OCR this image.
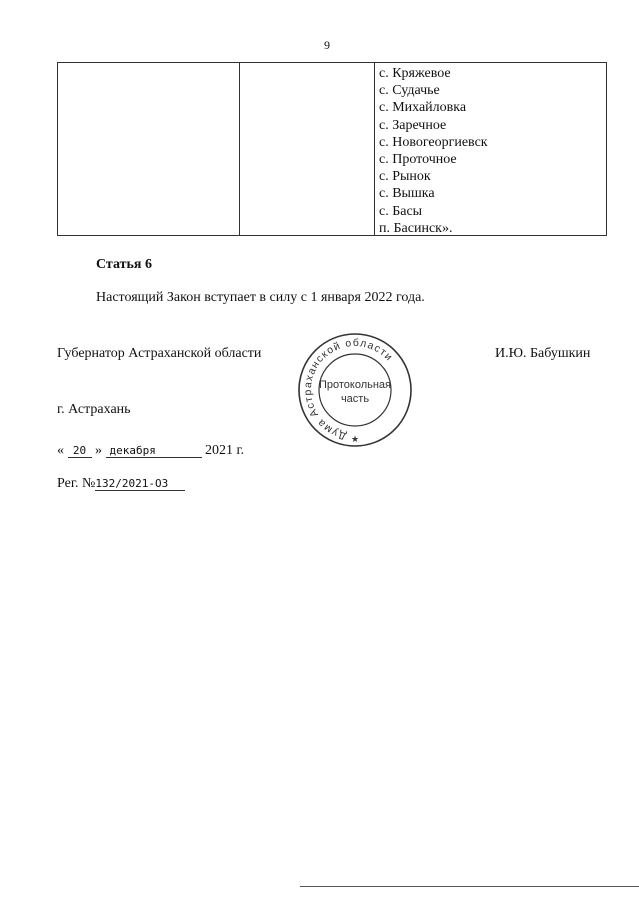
9
с. Кряжевое
с. Судачье
с. Михайловка
с. Заречное
с. Новогеоргиевск
с. Проточное
с. Рынок
с. Вышка
с. Басы
п. Басинск».
Статья 6
Настоящий Закон вступает в силу с 1 января 2022 года.
Губернатор Астраханской области	И.Ю. Бабушкин
Дума Астраханской области
Протокольная
часть
★
г. Астрахань
« 20 » декабря	2021 г.
Рег. №132/2021-ОЗ
